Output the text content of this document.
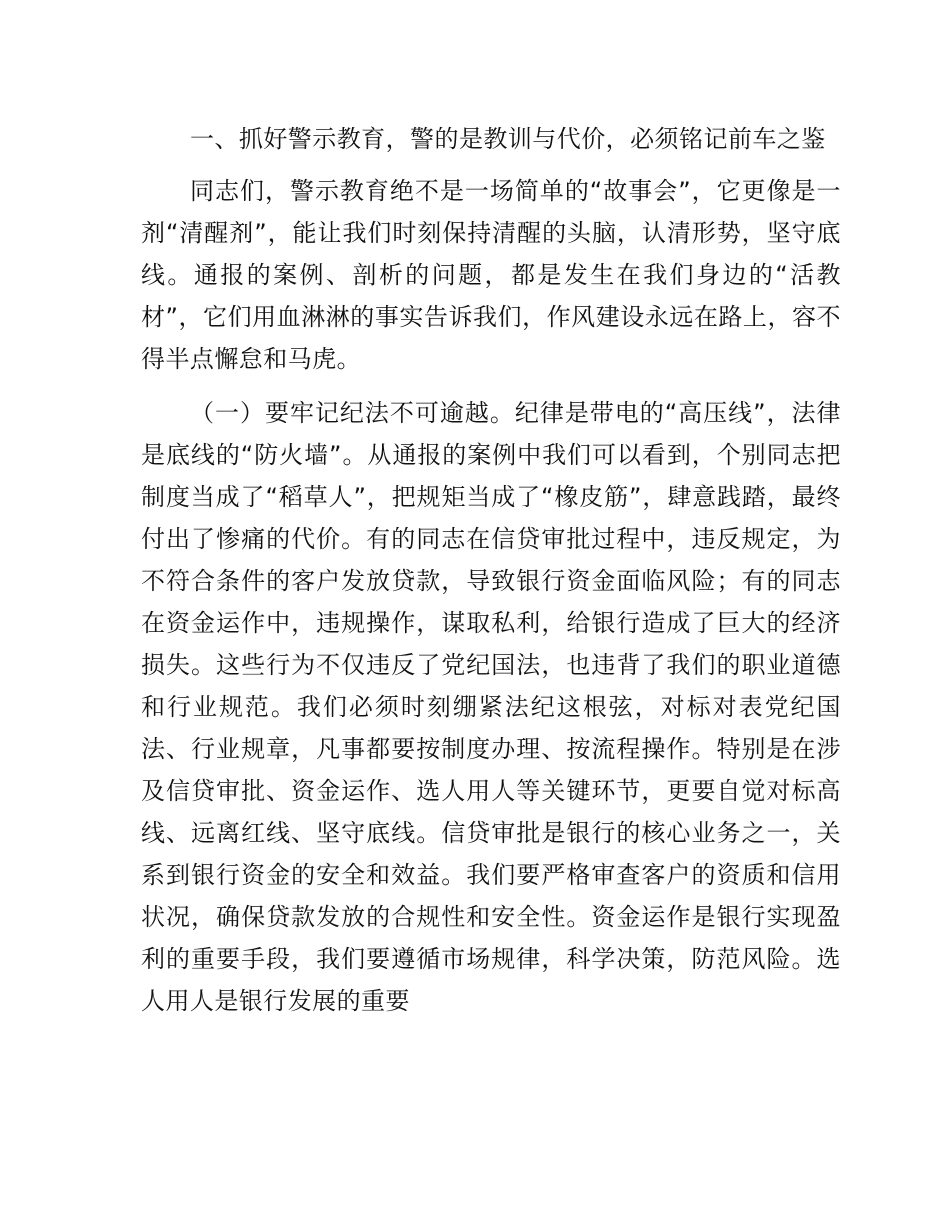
一、抓好警示教育，警的是教训与代价，必须铭记前车之鉴

同志们，警示教育绝不是一场简单的“故事会”，它更像是一剂“清醒剂”，能让我们时刻保持清醒的头脑，认清形势，坚守底线。通报的案例、剖析的问题，都是发生在我们身边的“活教材”，它们用血淋淋的事实告诉我们，作风建设永远在路上，容不得半点懈怠和马虎。

（一）要牢记纪法不可逾越。纪律是带电的“高压线”，法律是底线的“防火墙”。从通报的案例中我们可以看到，个别同志把制度当成了“稻草人”，把规矩当成了“橡皮筋”，肆意践踏，最终付出了惨痛的代价。有的同志在信贷审批过程中，违反规定，为不符合条件的客户发放贷款，导致银行资金面临风险；有的同志在资金运作中，违规操作，谋取私利，给银行造成了巨大的经济损失。这些行为不仅违反了党纪国法，也违背了我们的职业道德和行业规范。我们必须时刻绷紧法纪这根弦，对标对表党纪国法、行业规章，凡事都要按制度办理、按流程操作。特别是在涉及信贷审批、资金运作、选人用人等关键环节，更要自觉对标高线、远离红线、坚守底线。信贷审批是银行的核心业务之一，关系到银行资金的安全和效益。我们要严格审查客户的资质和信用状况，确保贷款发放的合规性和安全性。资金运作是银行实现盈利的重要手段，我们要遵循市场规律，科学决策，防范风险。选人用人是银行发展的重要
